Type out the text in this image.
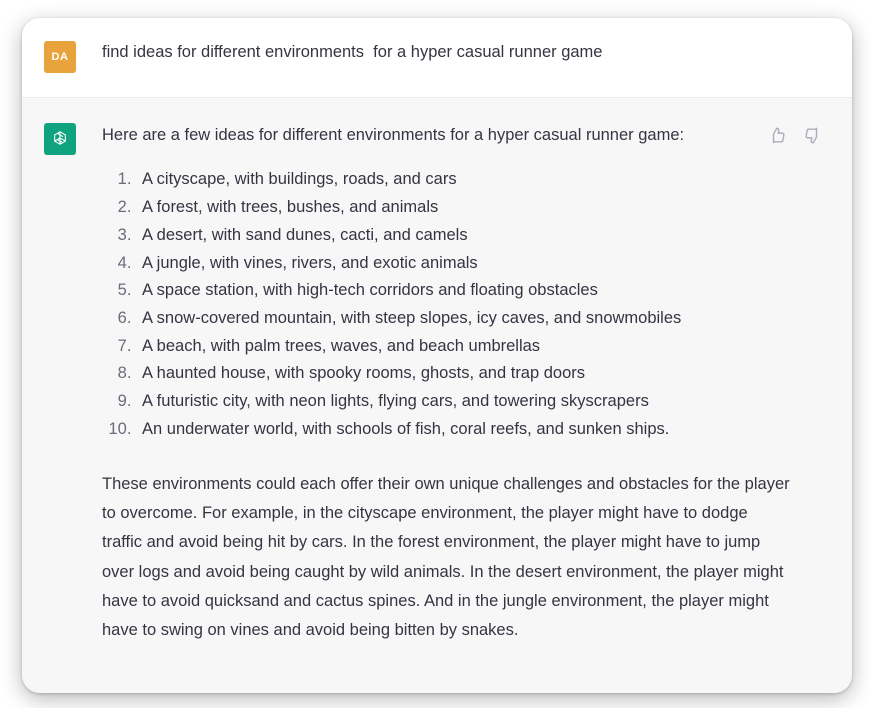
DA find ideas for different environments  for a hyper casual runner game

Here are a few ideas for different environments for a hyper casual runner game:

1. A cityscape, with buildings, roads, and cars
2. A forest, with trees, bushes, and animals
3. A desert, with sand dunes, cacti, and camels
4. A jungle, with vines, rivers, and exotic animals
5. A space station, with high-tech corridors and floating obstacles
6. A snow-covered mountain, with steep slopes, icy caves, and snowmobiles
7. A beach, with palm trees, waves, and beach umbrellas
8. A haunted house, with spooky rooms, ghosts, and trap doors
9. A futuristic city, with neon lights, flying cars, and towering skyscrapers
10. An underwater world, with schools of fish, coral reefs, and sunken ships.

These environments could each offer their own unique challenges and obstacles for the player to overcome. For example, in the cityscape environment, the player might have to dodge traffic and avoid being hit by cars. In the forest environment, the player might have to jump over logs and avoid being caught by wild animals. In the desert environment, the player might have to avoid quicksand and cactus spines. And in the jungle environment, the player might have to swing on vines and avoid being bitten by snakes.
